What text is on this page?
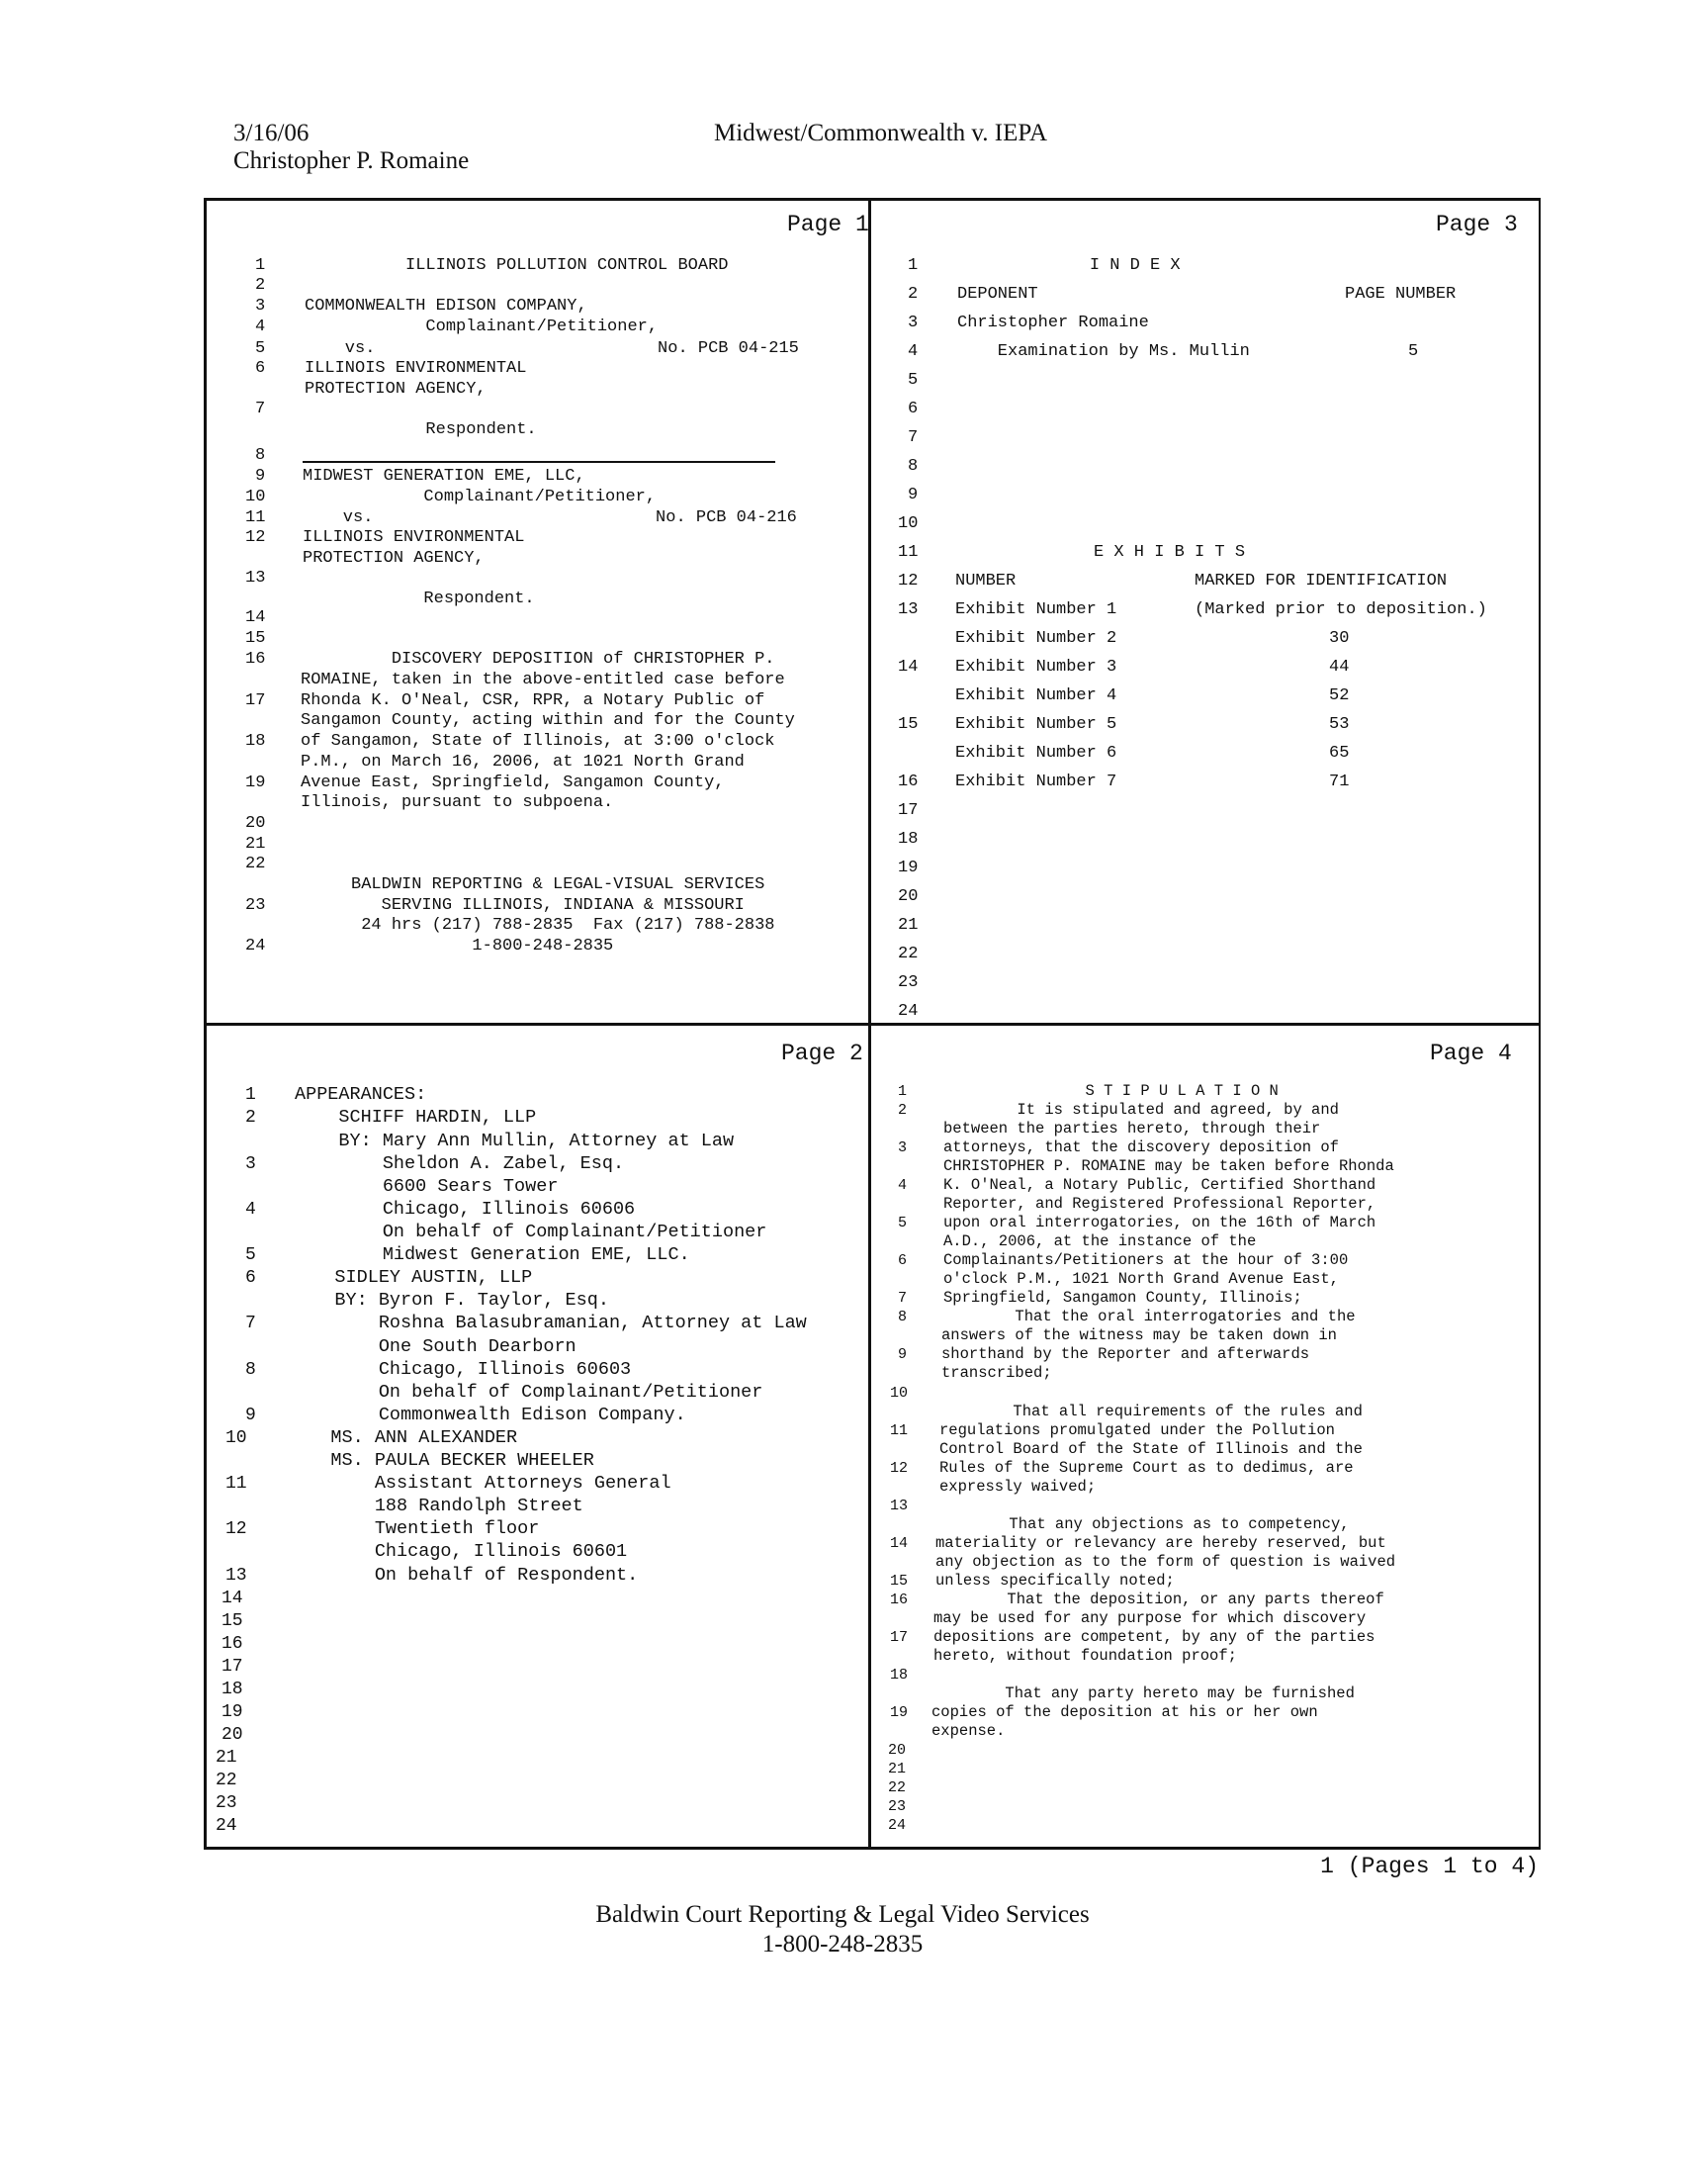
3/16/06
Christopher P. Romaine
Midwest/Commonwealth v. IEPA
Page 1
1
2
3
4
5
6
7
8
9
10
11
12
13
14
15
16
17
18
19
20
21
22
23
24
ILLINOIS POLLUTION CONTROL BOARD
COMMONWEALTH EDISON COMPANY,
Complainant/Petitioner,
vs.                            No. PCB 04-215
ILLINOIS ENVIRONMENTAL
PROTECTION AGENCY,
Respondent.
MIDWEST GENERATION EME, LLC,
Complainant/Petitioner,
vs.                            No. PCB 04-216
ILLINOIS ENVIRONMENTAL
PROTECTION AGENCY,
Respondent.
DISCOVERY DEPOSITION of CHRISTOPHER P.
ROMAINE, taken in the above-entitled case before
Rhonda K. O'Neal, CSR, RPR, a Notary Public of
Sangamon County, acting within and for the County
of Sangamon, State of Illinois, at 3:00 o'clock
P.M., on March 16, 2006, at 1021 North Grand
Avenue East, Springfield, Sangamon County,
Illinois, pursuant to subpoena.
BALDWIN REPORTING & LEGAL-VISUAL SERVICES
SERVING ILLINOIS, INDIANA & MISSOURI
24 hrs (217) 788-2835  Fax (217) 788-2838
1-800-248-2835
Page 3
1
2
3
4
5
6
7
8
9
10
11
12
13
14
15
16
17
18
19
20
21
22
23
24
I N D E X
DEPONENT	PAGE NUMBER
Christopher Romaine
Examination by Ms. Mullin	5
E X H I B I T S
NUMBER	MARKED FOR IDENTIFICATION
Exhibit Number 1	(Marked prior to deposition.)
Exhibit Number 2	30
Exhibit Number 3	44
Exhibit Number 4	52
Exhibit Number 5	53
Exhibit Number 6	65
Exhibit Number 7	71
Page 2
1
2
3
4
5
6
7
8
9
10
11
12
13
14
15
16
17
18
19
20
21
22
23
24
APPEARANCES:
SCHIFF HARDIN, LLP
BY: Mary Ann Mullin, Attorney at Law
Sheldon A. Zabel, Esq.
6600 Sears Tower
Chicago, Illinois 60606
On behalf of Complainant/Petitioner
Midwest Generation EME, LLC.
SIDLEY AUSTIN, LLP
BY: Byron F. Taylor, Esq.
Roshna Balasubramanian, Attorney at Law
One South Dearborn
Chicago, Illinois 60603
On behalf of Complainant/Petitioner
Commonwealth Edison Company.
MS. ANN ALEXANDER
MS. PAULA BECKER WHEELER
Assistant Attorneys General
188 Randolph Street
Twentieth floor
Chicago, Illinois 60601
On behalf of Respondent.
Page 4
1
2
3
4
5
6
7
8
9
10
11
12
13
14
15
16
17
18
19
20
21
22
23
24
S T I P U L A T I O N
It is stipulated and agreed, by and
between the parties hereto, through their
attorneys, that the discovery deposition of
CHRISTOPHER P. ROMAINE may be taken before Rhonda
K. O'Neal, a Notary Public, Certified Shorthand
Reporter, and Registered Professional Reporter,
upon oral interrogatories, on the 16th of March
A.D., 2006, at the instance of the
Complainants/Petitioners at the hour of 3:00
o'clock P.M., 1021 North Grand Avenue East,
Springfield, Sangamon County, Illinois;
That the oral interrogatories and the
answers of the witness may be taken down in
shorthand by the Reporter and afterwards
transcribed;
That all requirements of the rules and
regulations promulgated under the Pollution
Control Board of the State of Illinois and the
Rules of the Supreme Court as to dedimus, are
expressly waived;
That any objections as to competency,
materiality or relevancy are hereby reserved, but
any objection as to the form of question is waived
unless specifically noted;
That the deposition, or any parts thereof
may be used for any purpose for which discovery
depositions are competent, by any of the parties
hereto, without foundation proof;
That any party hereto may be furnished
copies of the deposition at his or her own
expense.
1 (Pages 1 to 4)
Baldwin Court Reporting & Legal Video Services
1-800-248-2835
